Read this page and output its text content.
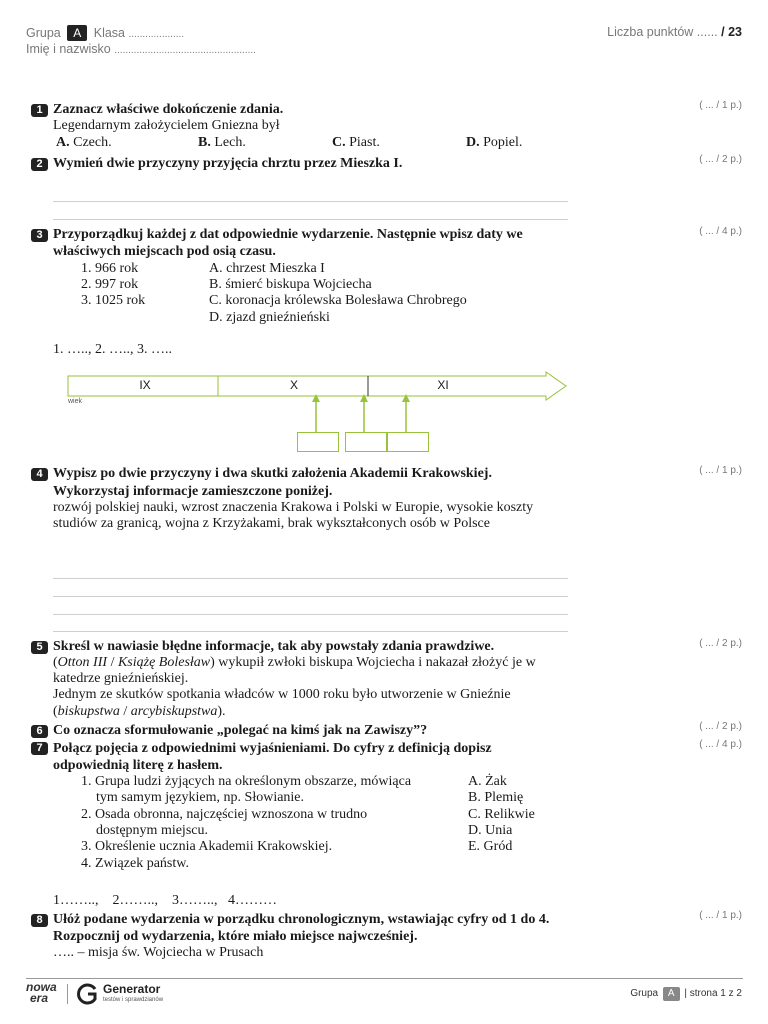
Grupa A Klasa ....................
Imię i nazwisko ...................................................
Liczba punktów ...... / 23
1 Zaznacz właściwe dokończenie zdania.
Legendarnym założycielem Gniezna był
A. Czech.	B. Lech.	C. Piast.	D. Popiel.
( ... / 1 p.)
2 Wymień dwie przyczyny przyjęcia chrztu przez Mieszka I.	( ... / 2 p.)
3 Przyporządkuj każdej z dat odpowiednie wydarzenie. Następnie wpisz daty we
właściwych miejscach pod osią czasu.
( ... / 4 p.)
1. 966 rok
2. 997 rok
3. 1025 rok
A. chrzest Mieszka I
B. śmierć biskupa Wojciecha
C. koronacja królewska Bolesława Chrobrego
D. zjazd gnieźnieński
1. ….., 2. ….., 3. …..
IX	X	XI
wiek
4 Wypisz po dwie przyczyny i dwa skutki założenia Akademii Krakowskiej.
Wykorzystaj informacje zamieszczone poniżej.
( ... / 1 p.)
rozwój polskiej nauki, wzrost znaczenia Krakowa i Polski w Europie, wysokie koszty
studiów za granicą, wojna z Krzyżakami, brak wykształconych osób w Polsce
5 Skreśl w nawiasie błędne informacje, tak aby powstały zdania prawdziwe.	( ... / 2 p.)
(Otton III / Książę Bolesław) wykupił zwłoki biskupa Wojciecha i nakazał złożyć je w
katedrze gnieźnieńskiej.
Jednym ze skutków spotkania władców w 1000 roku było utworzenie w Gnieźnie
(biskupstwa / arcybiskupstwa).
6 Co oznacza sformułowanie „polegać na kimś jak na Zawiszy”?	( ... / 2 p.)
7 Połącz pojęcia z odpowiednimi wyjaśnieniami. Do cyfry z definicją dopisz
odpowiednią literę z hasłem.
( ... / 4 p.)
1. Grupa ludzi żyjących na określonym obszarze, mówiąca
tym samym językiem, np. Słowianie.
2. Osada obronna, najczęściej wznoszona w trudno
dostępnym miejscu.
3. Określenie ucznia Akademii Krakowskiej.
4. Związek państw.
A. Żak
B. Plemię
C. Relikwie
D. Unia
E. Gród
1……..,    2……..,    3……..,   4………
8 Ułóż podane wydarzenia w porządku chronologicznym, wstawiając cyfry od 1 do 4.
Rozpocznij od wydarzenia, które miało miejsce najwcześniej.
( ... / 1 p.)
….. – misja św. Wojciecha w Prusach
nowa
era
Generator
testów i sprawdzianów
Grupa A | strona 1 z 2
